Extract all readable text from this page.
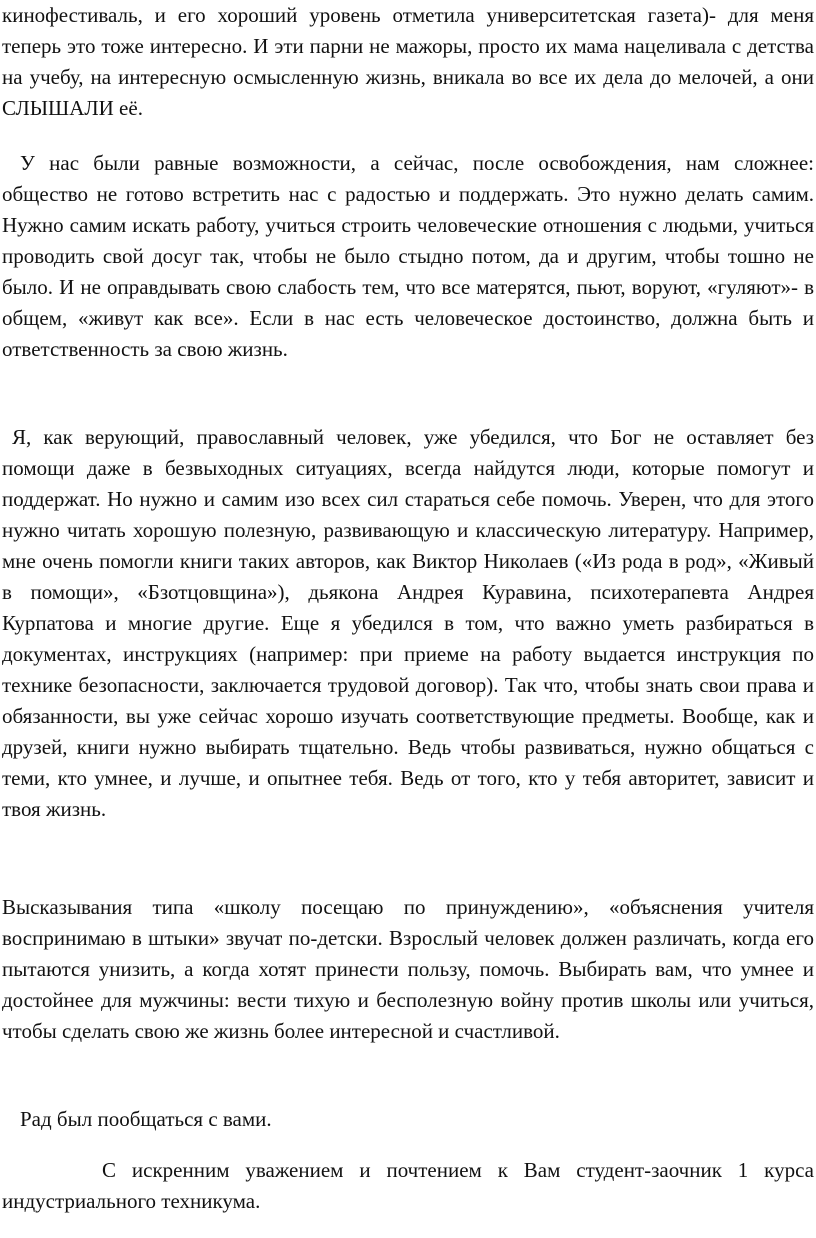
кинофестиваль, и его хороший уровень отметила университетская газета)- для меня теперь это тоже интересно. И эти парни не мажоры, просто их мама нацеливала с детства на учебу, на интересную осмысленную жизнь, вникала во все их дела до мелочей, а они СЛЫШАЛИ её.

У нас были равные возможности, а сейчас, после освобождения, нам сложнее: общество не готово встретить нас с радостью и поддержать. Это нужно делать самим. Нужно самим искать работу, учиться строить человеческие отношения с людьми, учиться проводить свой досуг так, чтобы не было стыдно потом, да и другим, чтобы тошно не было. И не оправдывать свою слабость тем, что все матерятся, пьют, воруют, «гуляют»- в общем, «живут как все». Если в нас есть человеческое достоинство, должна быть и ответственность за свою жизнь.

Я, как верующий, православный человек, уже убедился, что Бог не оставляет без помощи даже в безвыходных ситуациях, всегда найдутся люди, которые помогут и поддержат. Но нужно и самим изо всех сил стараться себе помочь. Уверен, что для этого нужно читать хорошую полезную, развивающую и классическую литературу. Например, мне очень помогли книги таких авторов, как Виктор Николаев («Из рода в род», «Живый в помощи», «Бзотцовщина»), дьякона Андрея Куравина, психотерапевта Андрея Курпатова и многие другие. Еще я убедился в том, что важно уметь разбираться в документах, инструкциях (например: при приеме на работу выдается инструкция по технике безопасности, заключается трудовой договор). Так что, чтобы знать свои права и обязанности, вы уже сейчас хорошо изучать соответствующие предметы. Вообще, как и друзей, книги нужно выбирать тщательно. Ведь чтобы развиваться, нужно общаться с теми, кто умнее, и лучше, и опытнее тебя. Ведь от того, кто у тебя авторитет, зависит и твоя жизнь.

Высказывания типа «школу посещаю по принуждению», «объяснения учителя воспринимаю в штыки» звучат по-детски. Взрослый человек должен различать, когда его пытаются унизить, а когда хотят принести пользу, помочь. Выбирать вам, что умнее и достойнее для мужчины: вести тихую и бесполезную войну против школы или учиться, чтобы сделать свою же жизнь более интересной и счастливой.

Рад был пообщаться с вами.

С искренним уважением и почтением к Вам студент-заочник 1 курса индустриального техникума.
